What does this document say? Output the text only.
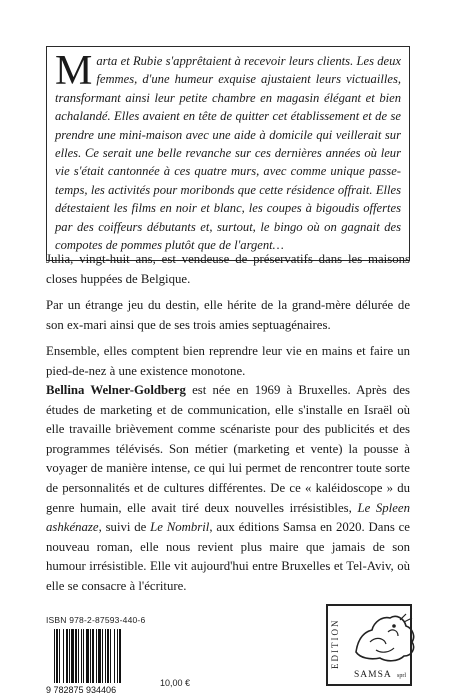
Marta et Rubie s'apprêtaient à recevoir leurs clients. Les deux femmes, d'une humeur exquise ajustaient leurs victuailles, transformant ainsi leur petite chambre en magasin élégant et bien achalandé. Elles avaient en tête de quitter cet établissement et de se prendre une mini-maison avec une aide à domicile qui veillerait sur elles. Ce serait une belle revanche sur ces dernières années où leur vie s'était cantonnée à ces quatre murs, avec comme unique passe-temps, les activités pour moribonds que cette résidence offrait. Elles détestaient les films en noir et blanc, les coupes à bigoudis offertes par des coiffeurs débutants et, surtout, le bingo où on gagnait des compotes de pommes plutôt que de l'argent…

Julia, vingt-huit ans, est vendeuse de préservatifs dans les maisons closes huppées de Belgique.

Par un étrange jeu du destin, elle hérite de la grand-mère délurée de son ex-mari ainsi que de ses trois amies septuagénaires.

Ensemble, elles comptent bien reprendre leur vie en mains et faire un pied-de-nez à une existence monotone.

Bellina Welner-Goldberg est née en 1969 à Bruxelles. Après des études de marketing et de communication, elle s'installe en Israël où elle travaille brièvement comme scénariste pour des publicités et des programmes télévisés. Son métier (marketing et vente) la pousse à voyager de manière intense, ce qui lui permet de rencontrer toute sorte de personnalités et de cultures différentes. De ce « kaléidoscope » du genre humain, elle avait tiré deux nouvelles irrésistibles, Le Spleen ashkénaze, suivi de Le Nombril, aux éditions Samsa en 2020. Dans ce nouveau roman, elle nous revient plus maire que jamais de son humour irrésistible. Elle vit aujourd'hui entre Bruxelles et Tel-Aviv, où elle se consacre à l'écriture.

ISBN 978-2-87593-440-6
9 782875 934406
10,00 €
EDITION
SAMSA sprl
